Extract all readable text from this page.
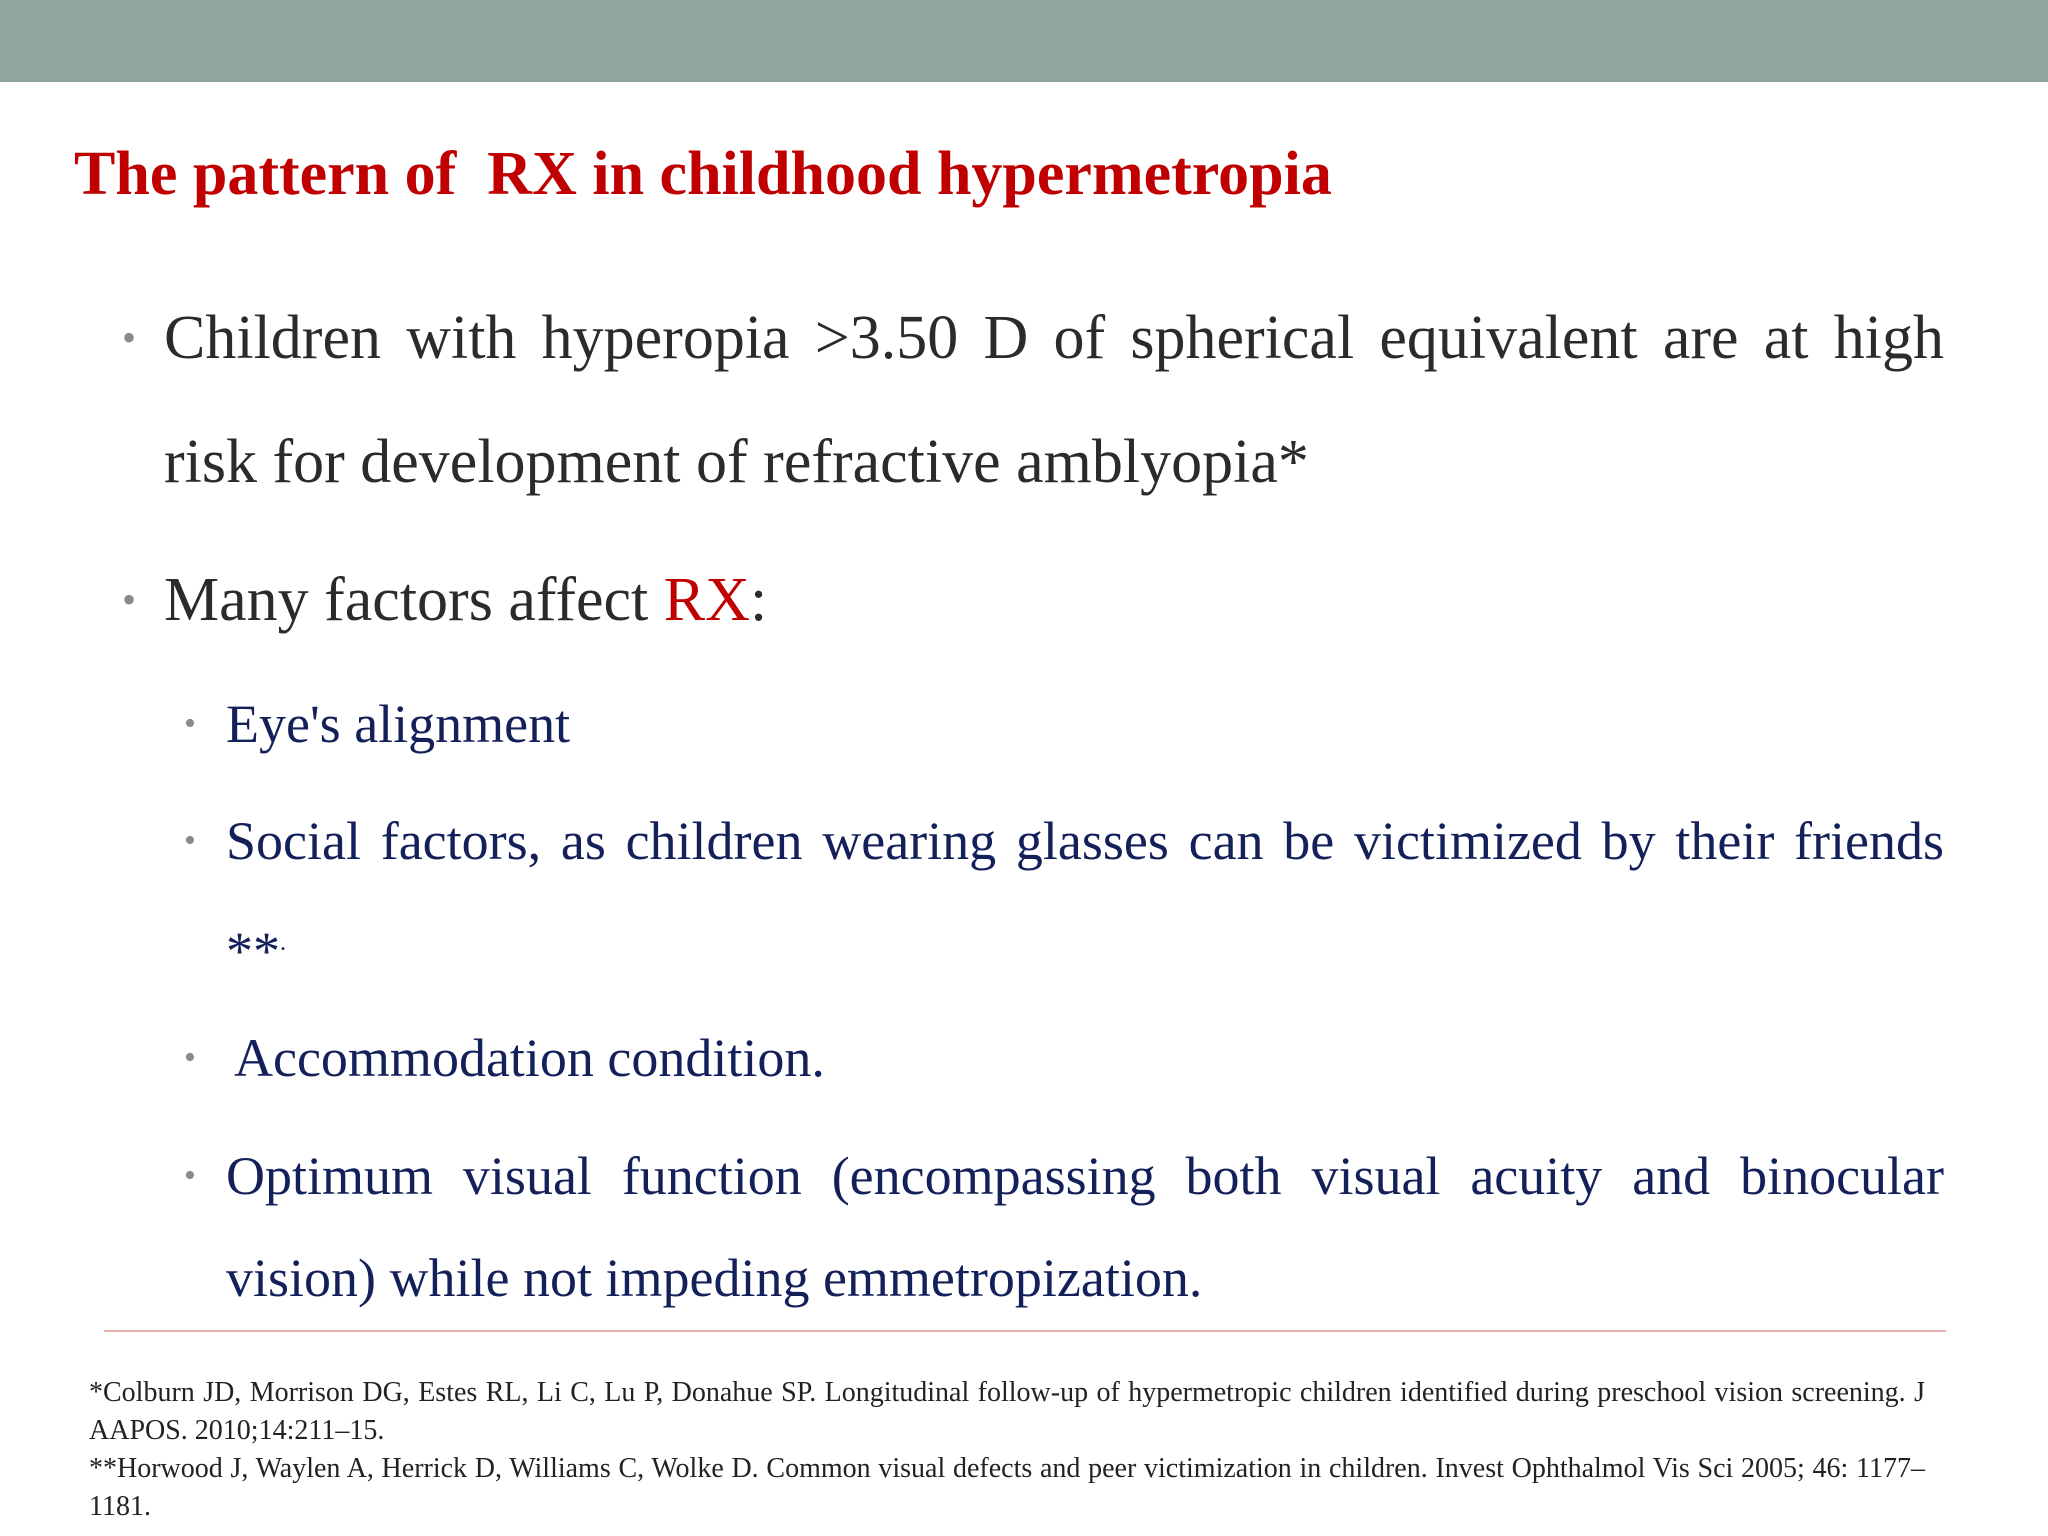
The pattern of  RX in childhood hypermetropia
• Children with hyperopia >3.50 D of spherical equivalent are at high risk for development of refractive amblyopia*
• Many factors affect RX:
• Eye's alignment
• Social factors, as children wearing glasses can be victimized by their friends **.
• Accommodation condition.
• Optimum visual function (encompassing both visual acuity and binocular vision) while not impeding emmetropization.

*Colburn JD, Morrison DG, Estes RL, Li C, Lu P, Donahue SP. Longitudinal follow-up of hypermetropic children identified during preschool vision screening. J AAPOS. 2010;14:211–15.

**Horwood J, Waylen A, Herrick D, Williams C, Wolke D. Common visual defects and peer victimization in children. Invest Ophthalmol Vis Sci 2005; 46: 1177–1181.
